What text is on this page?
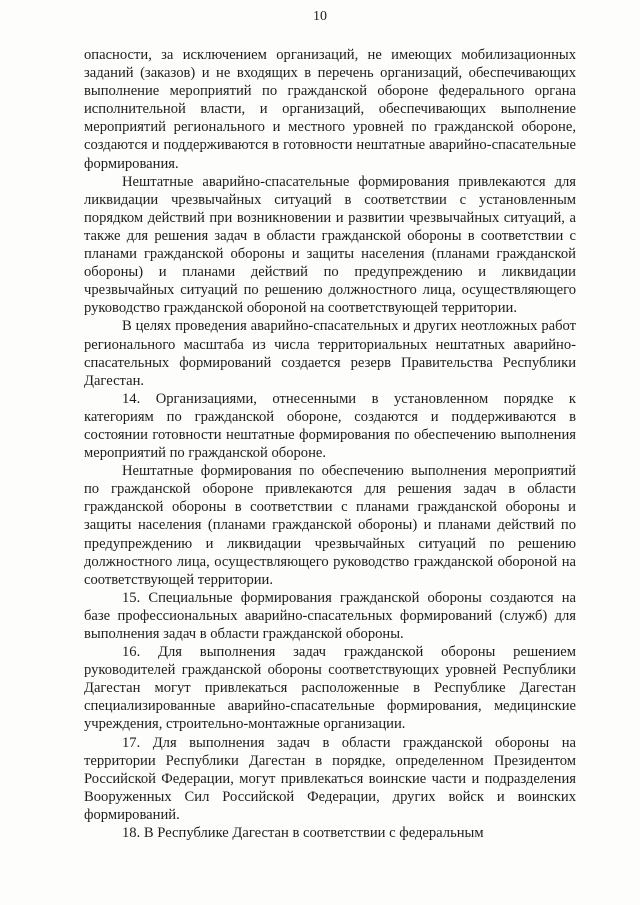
10

опасности, за исключением организаций, не имеющих мобилизационных заданий (заказов) и не входящих в перечень организаций, обеспечивающих выполнение мероприятий по гражданской обороне федерального органа исполнительной власти, и организаций, обеспечивающих выполнение мероприятий регионального и местного уровней по гражданской обороне, создаются и поддерживаются в готовности нештатные аварийно-спасательные формирования.

Нештатные аварийно-спасательные формирования привлекаются для ликвидации чрезвычайных ситуаций в соответствии с установленным порядком действий при возникновении и развитии чрезвычайных ситуаций, а также для решения задач в области гражданской обороны в соответствии с планами гражданской обороны и защиты населения (планами гражданской обороны) и планами действий по предупреждению и ликвидации чрезвычайных ситуаций по решению должностного лица, осуществляющего руководство гражданской обороной на соответствующей территории.

В целях проведения аварийно-спасательных и других неотложных работ регионального масштаба из числа территориальных нештатных аварийно-спасательных формирований создается резерв Правительства Республики Дагестан.

14. Организациями, отнесенными в установленном порядке к категориям по гражданской обороне, создаются и поддерживаются в состоянии готовности нештатные формирования по обеспечению выполнения мероприятий по гражданской обороне.

Нештатные формирования по обеспечению выполнения мероприятий по гражданской обороне привлекаются для решения задач в области гражданской обороны в соответствии с планами гражданской обороны и защиты населения (планами гражданской обороны) и планами действий по предупреждению и ликвидации чрезвычайных ситуаций по решению должностного лица, осуществляющего руководство гражданской обороной на соответствующей территории.

15. Специальные формирования гражданской обороны создаются на базе профессиональных аварийно-спасательных формирований (служб) для выполнения задач в области гражданской обороны.

16. Для выполнения задач гражданской обороны решением руководителей гражданской обороны соответствующих уровней Республики Дагестан могут привлекаться расположенные в Республике Дагестан специализированные аварийно-спасательные формирования, медицинские учреждения, строительно-монтажные организации.

17. Для выполнения задач в области гражданской обороны на территории Республики Дагестан в порядке, определенном Президентом Российской Федерации, могут привлекаться воинские части и подразделения Вооруженных Сил Российской Федерации, других войск и воинских формирований.

18. В Республике Дагестан в соответствии с федеральным
